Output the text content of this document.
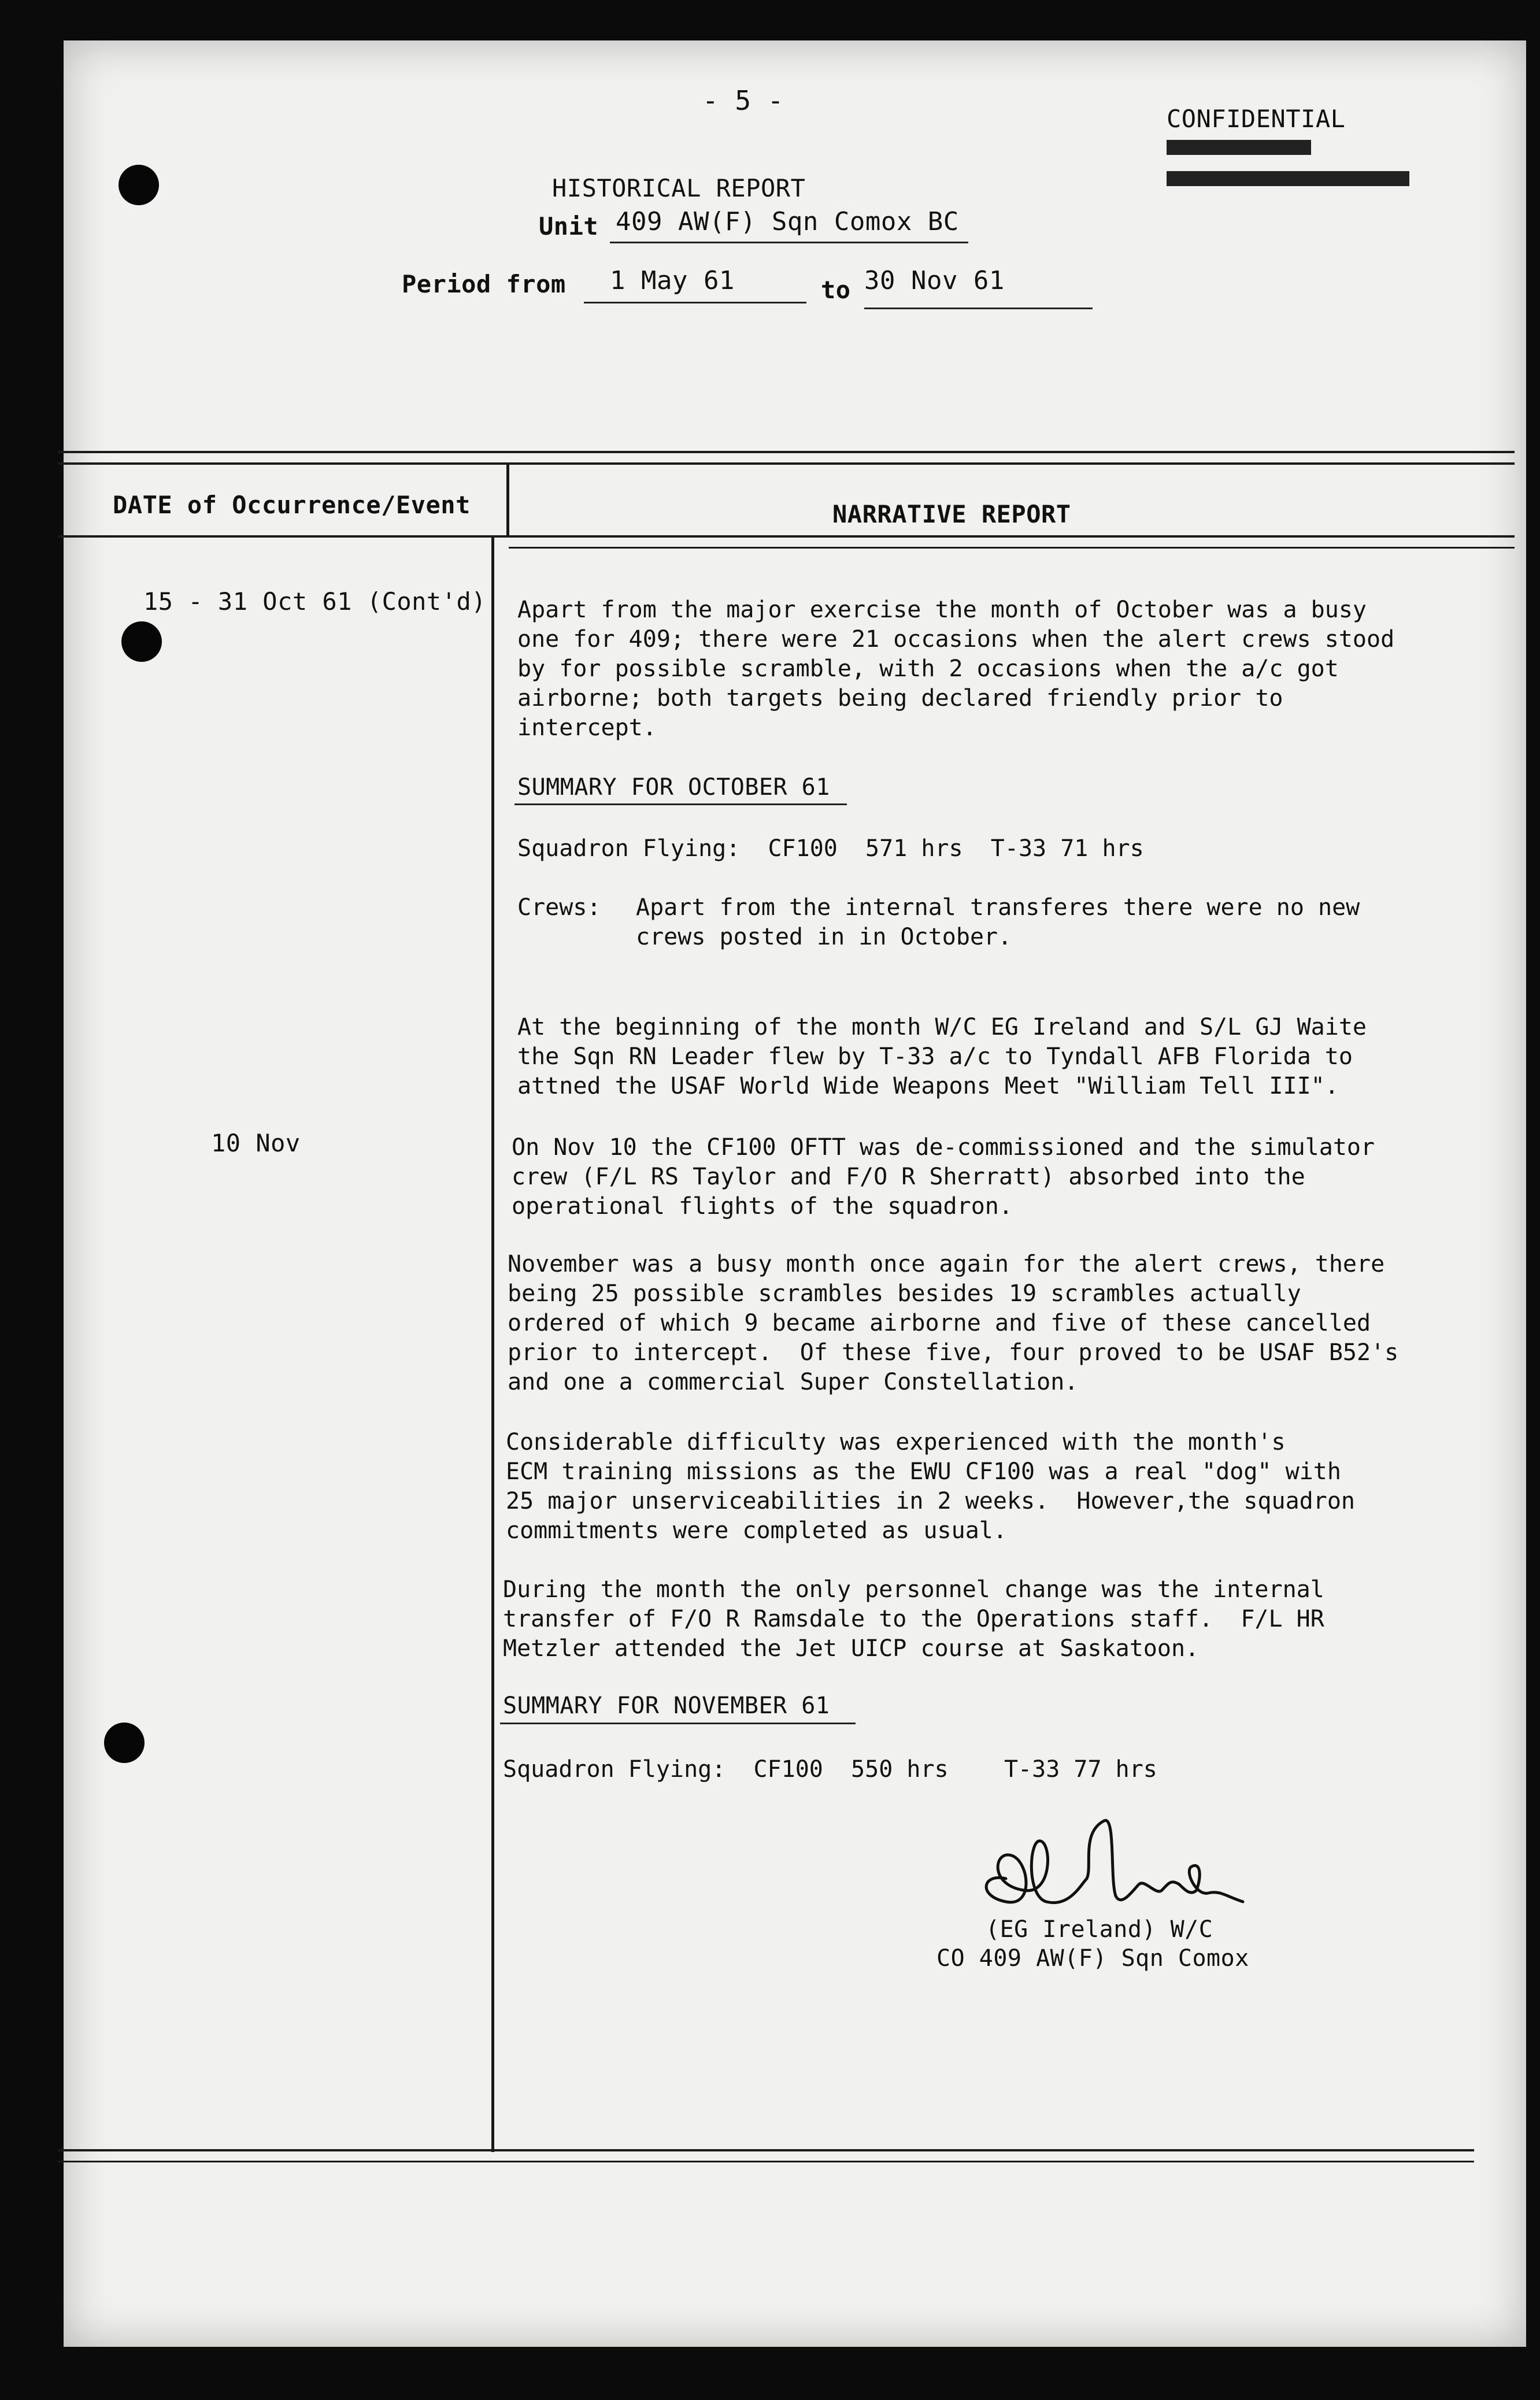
- 5 -
CONFIDENTIAL
HISTORICAL REPORT
Unit 409 AW(F) Sqn Comox BC
Period from 1 May 61	to 30 Nov 61
DATE of Occurrence/Event	NARRATIVE REPORT
15 - 31 Oct 61 (Cont'd)
10 Nov
Apart from the major exercise the month of October was a busy
one for 409; there were 21 occasions when the alert crews stood
by for possible scramble, with 2 occasions when the a/c got
airborne; both targets being declared friendly prior to
intercept.
SUMMARY FOR OCTOBER 61
Squadron Flying:  CF100  571 hrs  T-33 71 hrs
Crews: Apart from the internal transferes there were no new
crews posted in in October.
At the beginning of the month W/C EG Ireland and S/L GJ Waite
the Sqn RN Leader flew by T-33 a/c to Tyndall AFB Florida to
attned the USAF World Wide Weapons Meet "William Tell III".
On Nov 10 the CF100 OFTT was de-commissioned and the simulator
crew (F/L RS Taylor and F/O R Sherratt) absorbed into the
operational flights of the squadron.
November was a busy month once again for the alert crews, there
being 25 possible scrambles besides 19 scrambles actually
ordered of which 9 became airborne and five of these cancelled
prior to intercept.  Of these five, four proved to be USAF B52's
and one a commercial Super Constellation.
Considerable difficulty was experienced with the month's
ECM training missions as the EWU CF100 was a real "dog" with
25 major unserviceabilities in 2 weeks.  However,the squadron
commitments were completed as usual.
During the month the only personnel change was the internal
transfer of F/O R Ramsdale to the Operations staff.  F/L HR
Metzler attended the Jet UICP course at Saskatoon.
SUMMARY FOR NOVEMBER 61
Squadron Flying:  CF100  550 hrs    T-33 77 hrs
(EG Ireland) W/C
CO 409 AW(F) Sqn Comox
